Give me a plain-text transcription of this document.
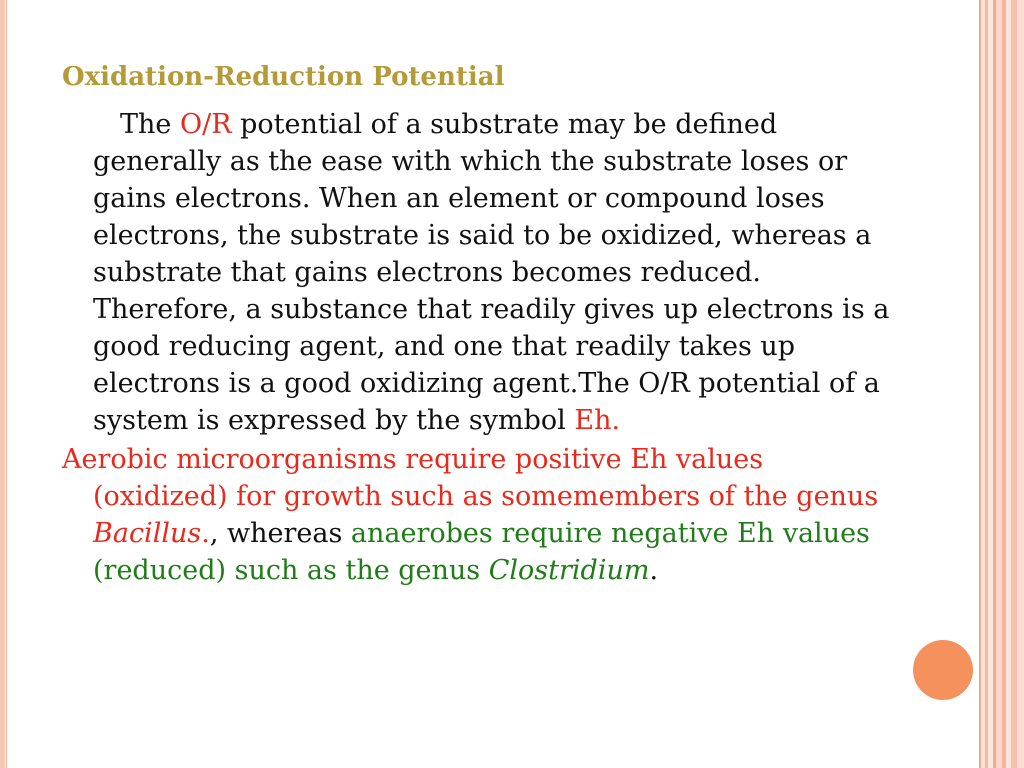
Oxidation-Reduction Potential

The O/R potential of a substrate may be defined generally as the ease with which the substrate loses or gains electrons. When an element or compound loses electrons, the substrate is said to be oxidized, whereas a substrate that gains electrons becomes reduced. Therefore, a substance that readily gives up electrons is a good reducing agent, and one that readily takes up electrons is a good oxidizing agent.The O/R potential of a system is expressed by the symbol Eh.

Aerobic microorganisms require positive Eh values (oxidized) for growth such as somemembers of the genus Bacillus., whereas anaerobes require negative Eh values (reduced) such as the genus Clostridium.
